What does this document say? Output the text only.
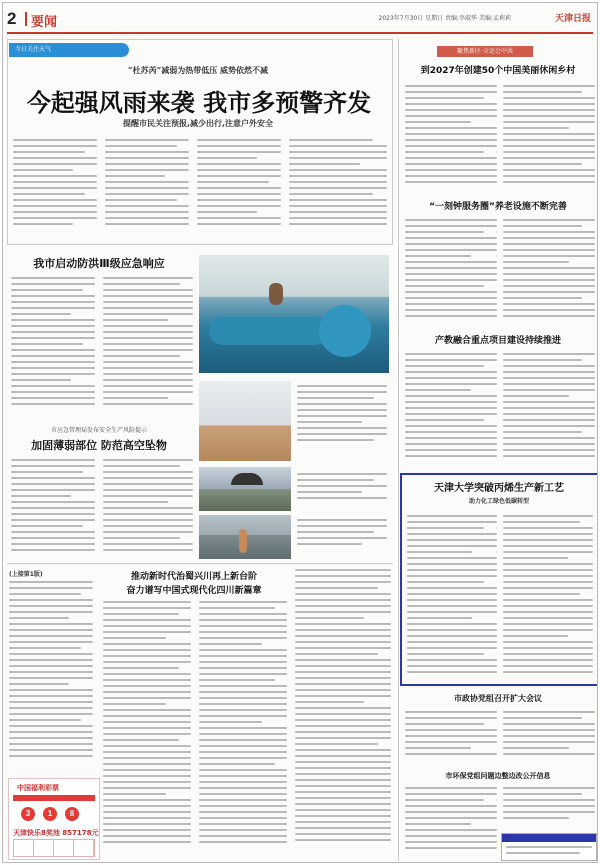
2 要闻	2023年7月30日 星期日 责编:李淑华 美编:孟莉莉	天津日报
今日关注天气
“杜苏芮”减弱为热带低压 威势依然不减
今起强风雨来袭 我市多预警齐发
提醒市民关注预报,减少出行,注意户外安全
我市启动防洪Ⅲ级应急响应
市应急管理局发布安全生产风险提示
加固薄弱部位 防范高空坠物
(上接第1版)	推动新时代治蜀兴川再上新台阶
奋力谱写中国式现代化四川新篇章
中国福利彩票
3	1	8
天津快乐8奖池 857178元
聚焦新区·全运会中共
到2027年创建50个中国美丽休闲乡村
“一刻钟服务圈”养老设施不断完善
产教融合重点项目建设持续推进
天津大学突破丙烯生产新工艺
助力化工绿色低碳转型
市政协党组召开扩大会议
市环保党组问题边整边改公开信息
